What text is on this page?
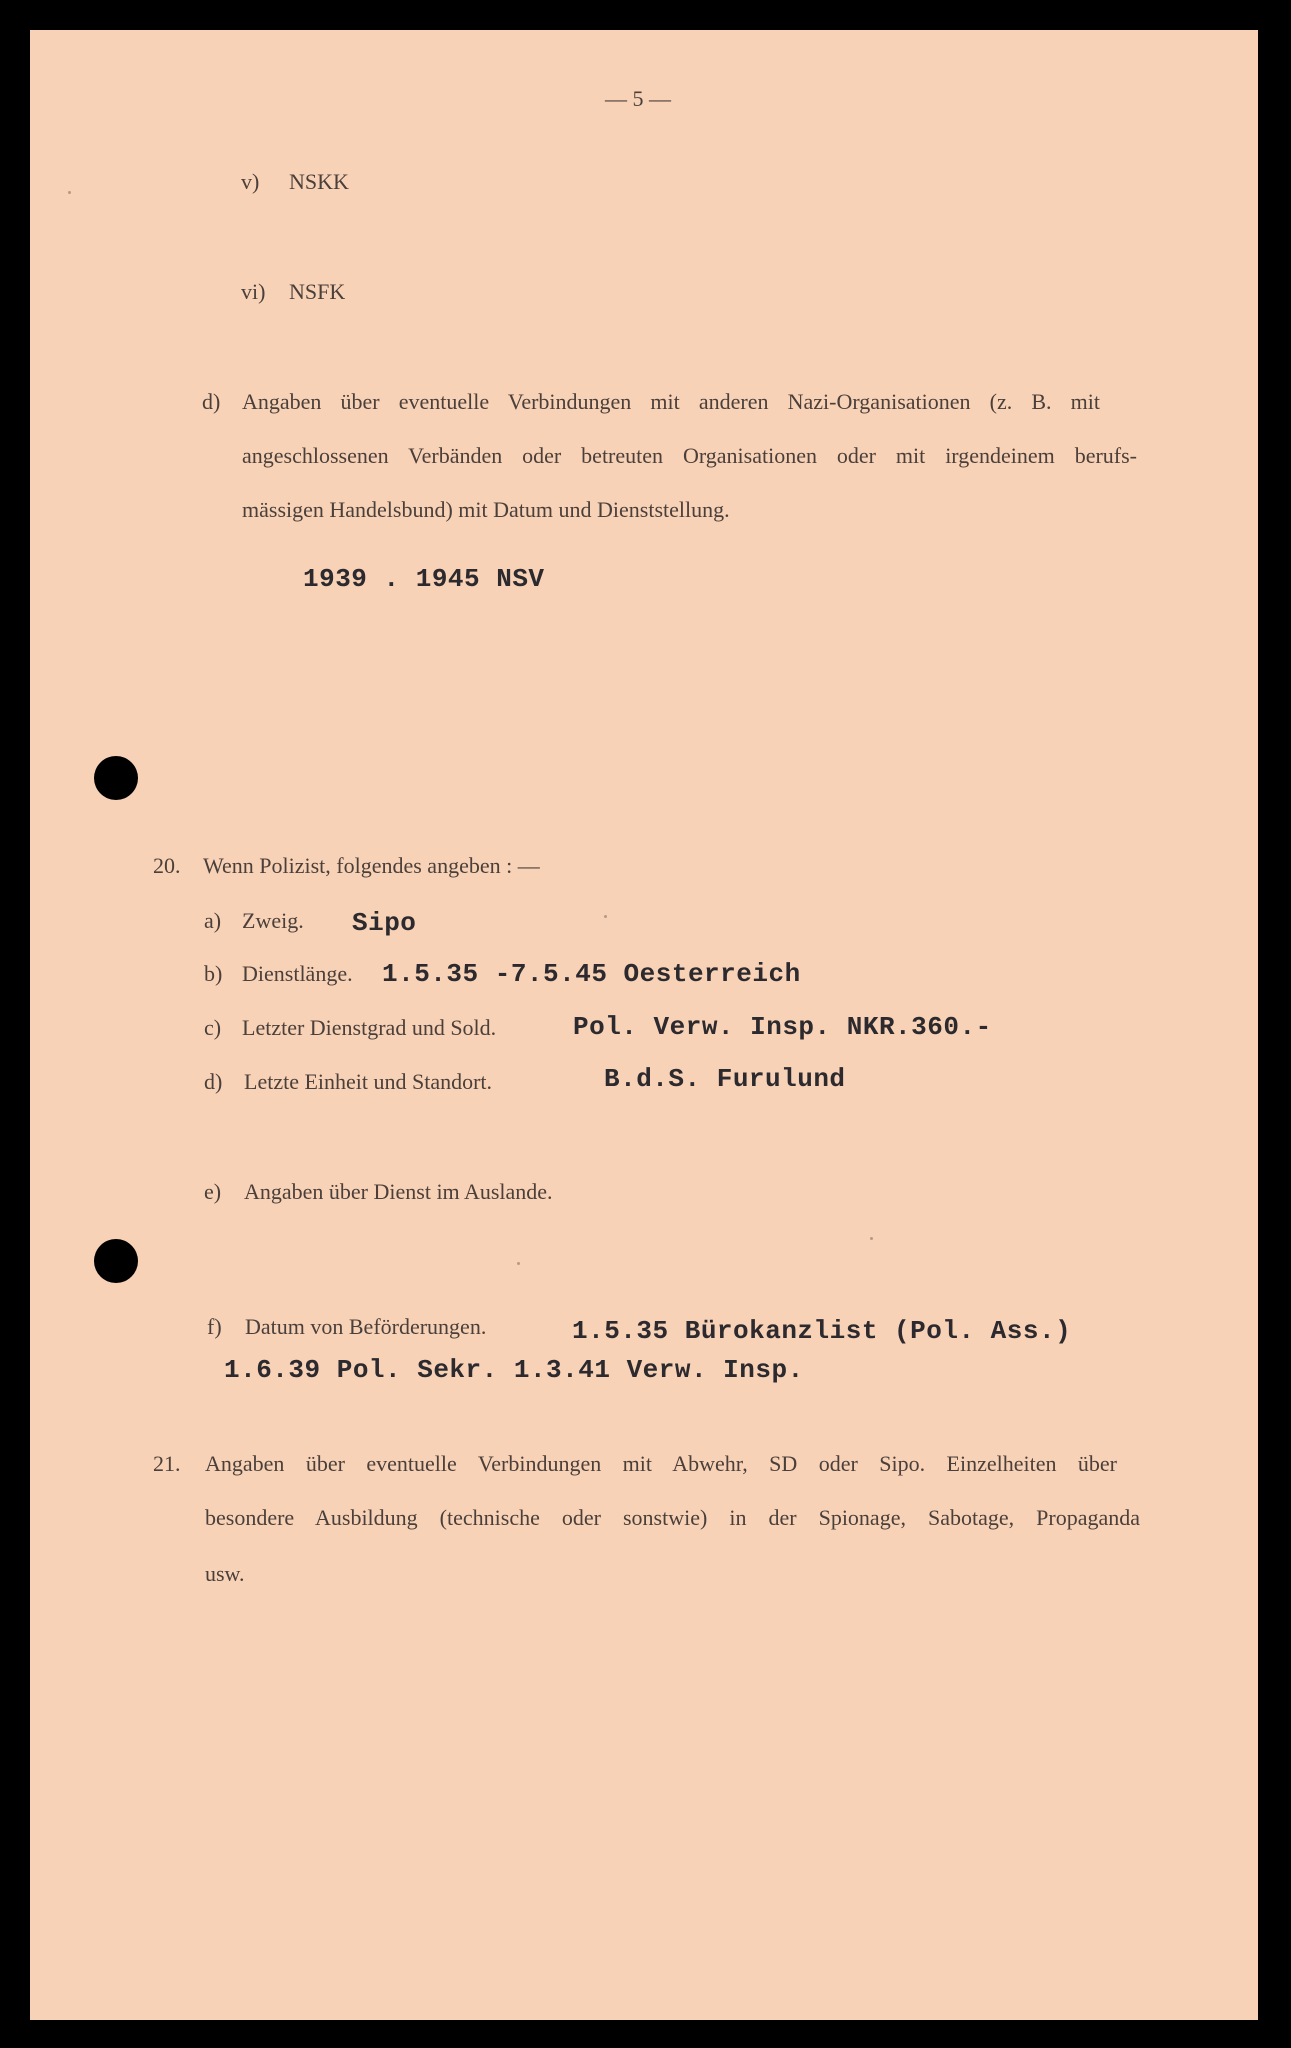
— 5 —
v) NSKK
vi) NSFK
d) Angaben über eventuelle Verbindungen mit anderen Nazi-Organisationen (z. B. mit
angeschlossenen Verbänden oder betreuten Organisationen oder mit irgendeinem berufs-
mässigen Handelsbund) mit Datum und Dienststellung.
1939 . 1945 NSV
20. Wenn Polizist, folgendes angeben : —
a) Zweig. Sipo
b) Dienstlänge. 1.5.35 -7.5.45 Oesterreich
c) Letzter Dienstgrad und Sold.	Pol. Verw. Insp. NKR.360.-
d) Letzte Einheit und Standort.	B.d.S. Furulund
e) Angaben über Dienst im Auslande.
f) Datum von Beförderungen.	1.5.35 Bürokanzlist (Pol. Ass.)
1.6.39 Pol. Sekr. 1.3.41 Verw. Insp.
21. Angaben über eventuelle Verbindungen mit Abwehr, SD oder Sipo. Einzelheiten über
besondere Ausbildung (technische oder sonstwie) in der Spionage, Sabotage, Propaganda
usw.
